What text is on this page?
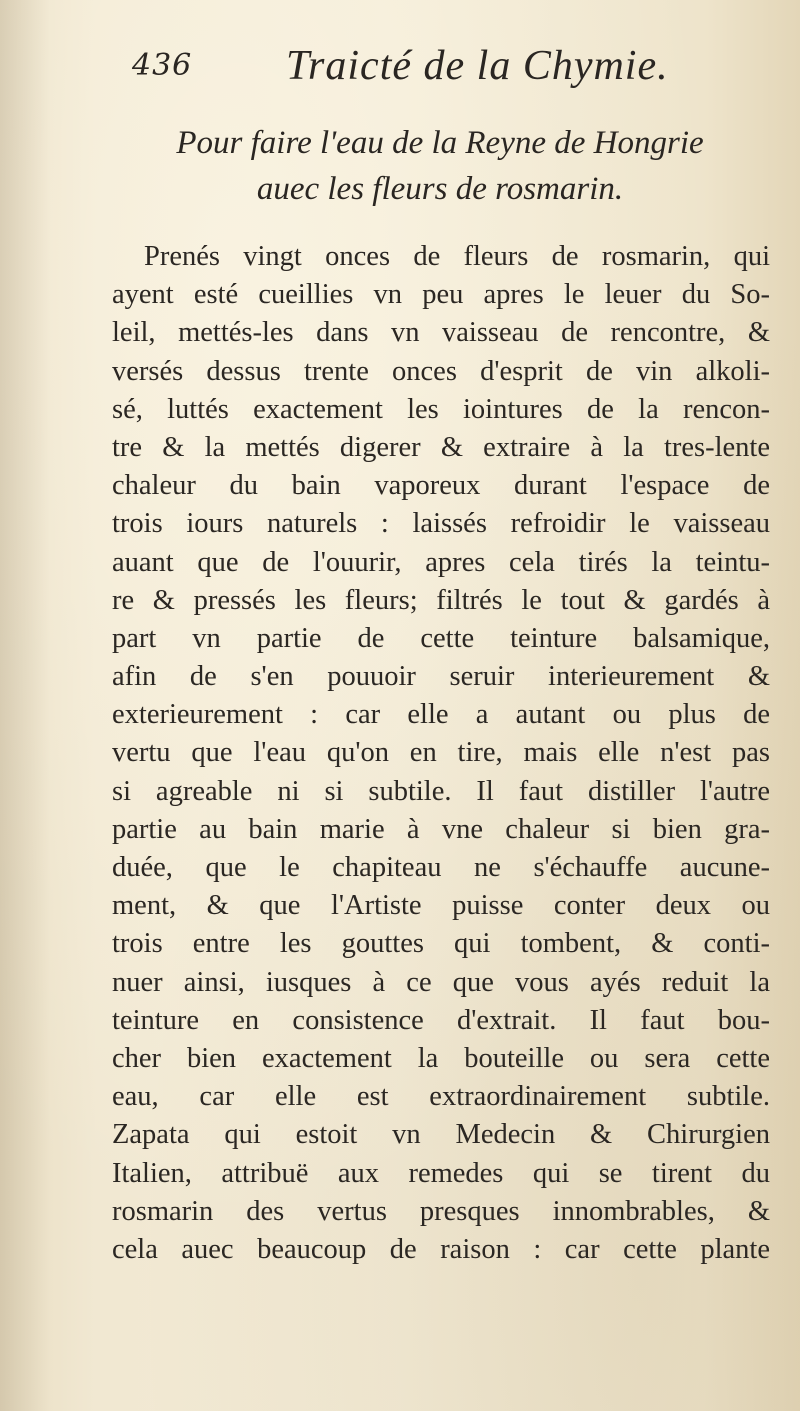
436 Traicté de la Chymie.
Pour faire l'eau de la Reyne de Hongrie
auec les fleurs de rosmarin.
Prenés vingt onces de fleurs de rosmarin, qui
ayent esté cueillies vn peu apres le leuer du So-
leil, mettés-les dans vn vaisseau de rencontre, &
versés dessus trente onces d'esprit de vin alkoli-
sé, luttés exactement les iointures de la rencon-
tre & la mettés digerer & extraire à la tres-lente
chaleur du bain vaporeux durant l'espace de
trois iours naturels : laissés refroidir le vaisseau
auant que de l'ouurir, apres cela tirés la teintu-
re & pressés les fleurs; filtrés le tout & gardés à
part vn partie de cette teinture balsamique,
afin de s'en pouuoir seruir interieurement &
exterieurement : car elle a autant ou plus de
vertu que l'eau qu'on en tire, mais elle n'est pas
si agreable ni si subtile. Il faut distiller l'autre
partie au bain marie à vne chaleur si bien gra-
duée, que le chapiteau ne s'échauffe aucune-
ment, & que l'Artiste puisse conter deux ou
trois entre les gouttes qui tombent, & conti-
nuer ainsi, iusques à ce que vous ayés reduit la
teinture en consistence d'extrait. Il faut bou-
cher bien exactement la bouteille ou sera cette
eau, car elle est extraordinairement subtile.
Zapata qui estoit vn Medecin & Chirurgien
Italien, attribuë aux remedes qui se tirent du
rosmarin des vertus presques innombrables, &
cela auec beaucoup de raison : car cette plante
